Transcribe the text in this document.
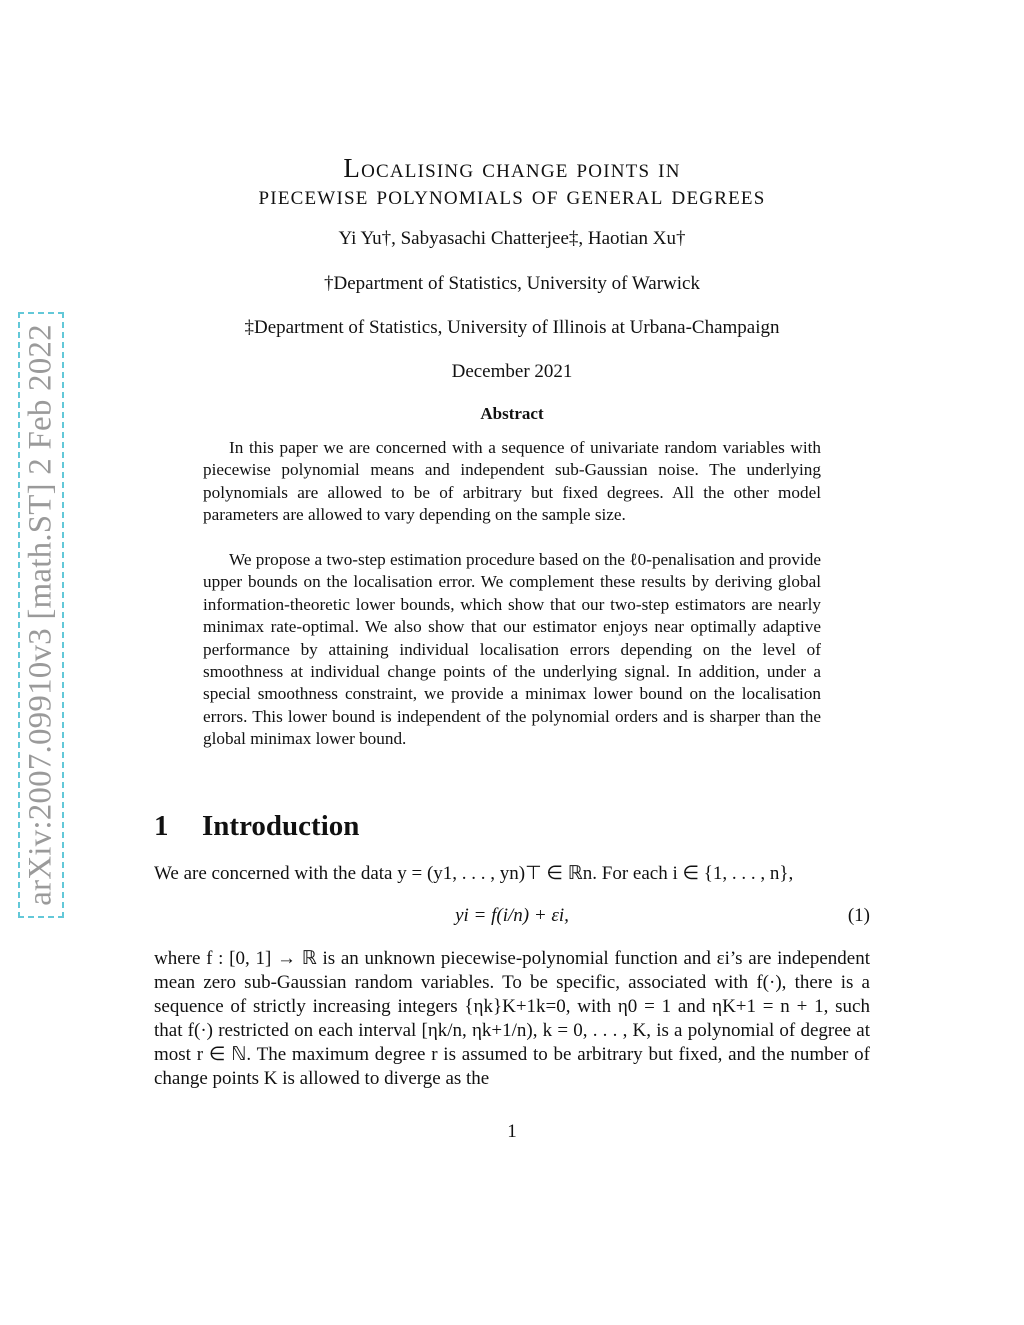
arXiv:2007.09910v3 [math.ST] 2 Feb 2022
Localising change points in
piecewise polynomials of general degrees
Yi Yu†, Sabyasachi Chatterjee‡, Haotian Xu†
†Department of Statistics, University of Warwick
‡Department of Statistics, University of Illinois at Urbana-Champaign
December 2021
Abstract

In this paper we are concerned with a sequence of univariate random variables with piecewise polynomial means and independent sub-Gaussian noise. The underlying polynomials are allowed to be of arbitrary but fixed degrees. All the other model parameters are allowed to vary depending on the sample size.

We propose a two-step estimation procedure based on the ℓ0-penalisation and provide upper bounds on the localisation error. We complement these results by deriving global information-theoretic lower bounds, which show that our two-step estimators are nearly minimax rate-optimal. We also show that our estimator enjoys near optimally adaptive performance by attaining individual localisation errors depending on the level of smoothness at individual change points of the underlying signal. In addition, under a special smoothness constraint, we provide a minimax lower bound on the localisation errors. This lower bound is independent of the polynomial orders and is sharper than the global minimax lower bound.

1 Introduction

We are concerned with the data y = (y1, . . . , yn)⊤ ∈ ℝn. For each i ∈ {1, . . . , n},

yi = f(i/n) + εi,	(1)

where f : [0, 1] → ℝ is an unknown piecewise-polynomial function and εi’s are independent mean zero sub-Gaussian random variables. To be specific, associated with f(·), there is a sequence of strictly increasing integers {ηk}K+1k=0, with η0 = 1 and ηK+1 = n + 1, such that f(·) restricted on each interval [ηk/n, ηk+1/n), k = 0, . . . , K, is a polynomial of degree at most r ∈ ℕ. The maximum degree r is assumed to be arbitrary but fixed, and the number of change points K is allowed to diverge as the

1
